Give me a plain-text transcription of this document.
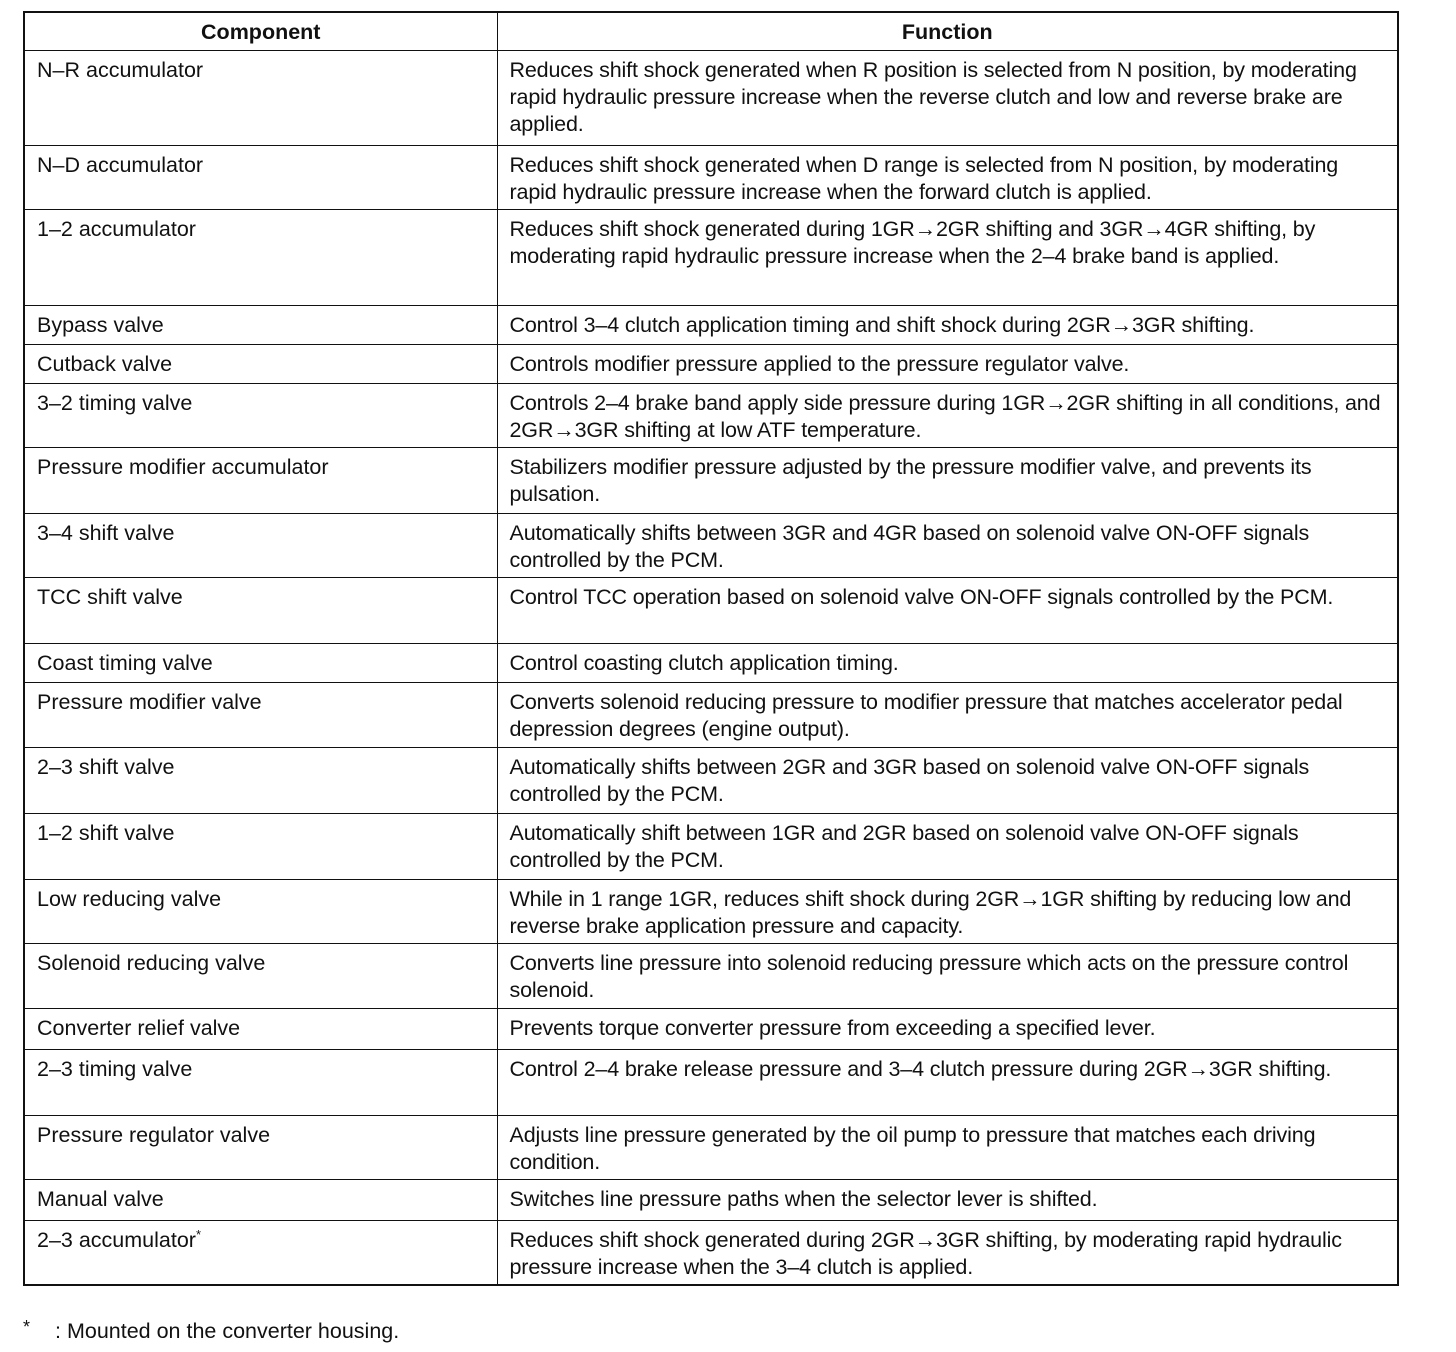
Component	Function
N–R accumulator	Reduces shift shock generated when R position is selected from N position, by moderating rapid hydraulic pressure increase when the reverse clutch and low and reverse brake are applied.
N–D accumulator	Reduces shift shock generated when D range is selected from N position, by moderating rapid hydraulic pressure increase when the forward clutch is applied.
1–2 accumulator	Reduces shift shock generated during 1GR→2GR shifting and 3GR→4GR shifting, by moderating rapid hydraulic pressure increase when the 2–4 brake band is applied.
Bypass valve	Control 3–4 clutch application timing and shift shock during 2GR→3GR shifting.
Cutback valve	Controls modifier pressure applied to the pressure regulator valve.
3–2 timing valve	Controls 2–4 brake band apply side pressure during 1GR→2GR shifting in all conditions, and 2GR→3GR shifting at low ATF temperature.
Pressure modifier accumulator	Stabilizers modifier pressure adjusted by the pressure modifier valve, and prevents its pulsation.
3–4 shift valve	Automatically shifts between 3GR and 4GR based on solenoid valve ON-OFF signals controlled by the PCM.
TCC shift valve	Control TCC operation based on solenoid valve ON-OFF signals controlled by the PCM.
Coast timing valve	Control coasting clutch application timing.
Pressure modifier valve	Converts solenoid reducing pressure to modifier pressure that matches accelerator pedal depression degrees (engine output).
2–3 shift valve	Automatically shifts between 2GR and 3GR based on solenoid valve ON-OFF signals controlled by the PCM.
1–2 shift valve	Automatically shift between 1GR and 2GR based on solenoid valve ON-OFF signals controlled by the PCM.
Low reducing valve	While in 1 range 1GR, reduces shift shock during 2GR→1GR shifting by reducing low and reverse brake application pressure and capacity.
Solenoid reducing valve	Converts line pressure into solenoid reducing pressure which acts on the pressure control solenoid.
Converter relief valve	Prevents torque converter pressure from exceeding a specified lever.
2–3 timing valve	Control 2–4 brake release pressure and 3–4 clutch pressure during 2GR→3GR shifting.
Pressure regulator valve	Adjusts line pressure generated by the oil pump to pressure that matches each driving condition.
Manual valve	Switches line pressure paths when the selector lever is shifted.
2–3 accumulator*	Reduces shift shock generated during 2GR→3GR shifting, by moderating rapid hydraulic pressure increase when the 3–4 clutch is applied.
* : Mounted on the converter housing.
